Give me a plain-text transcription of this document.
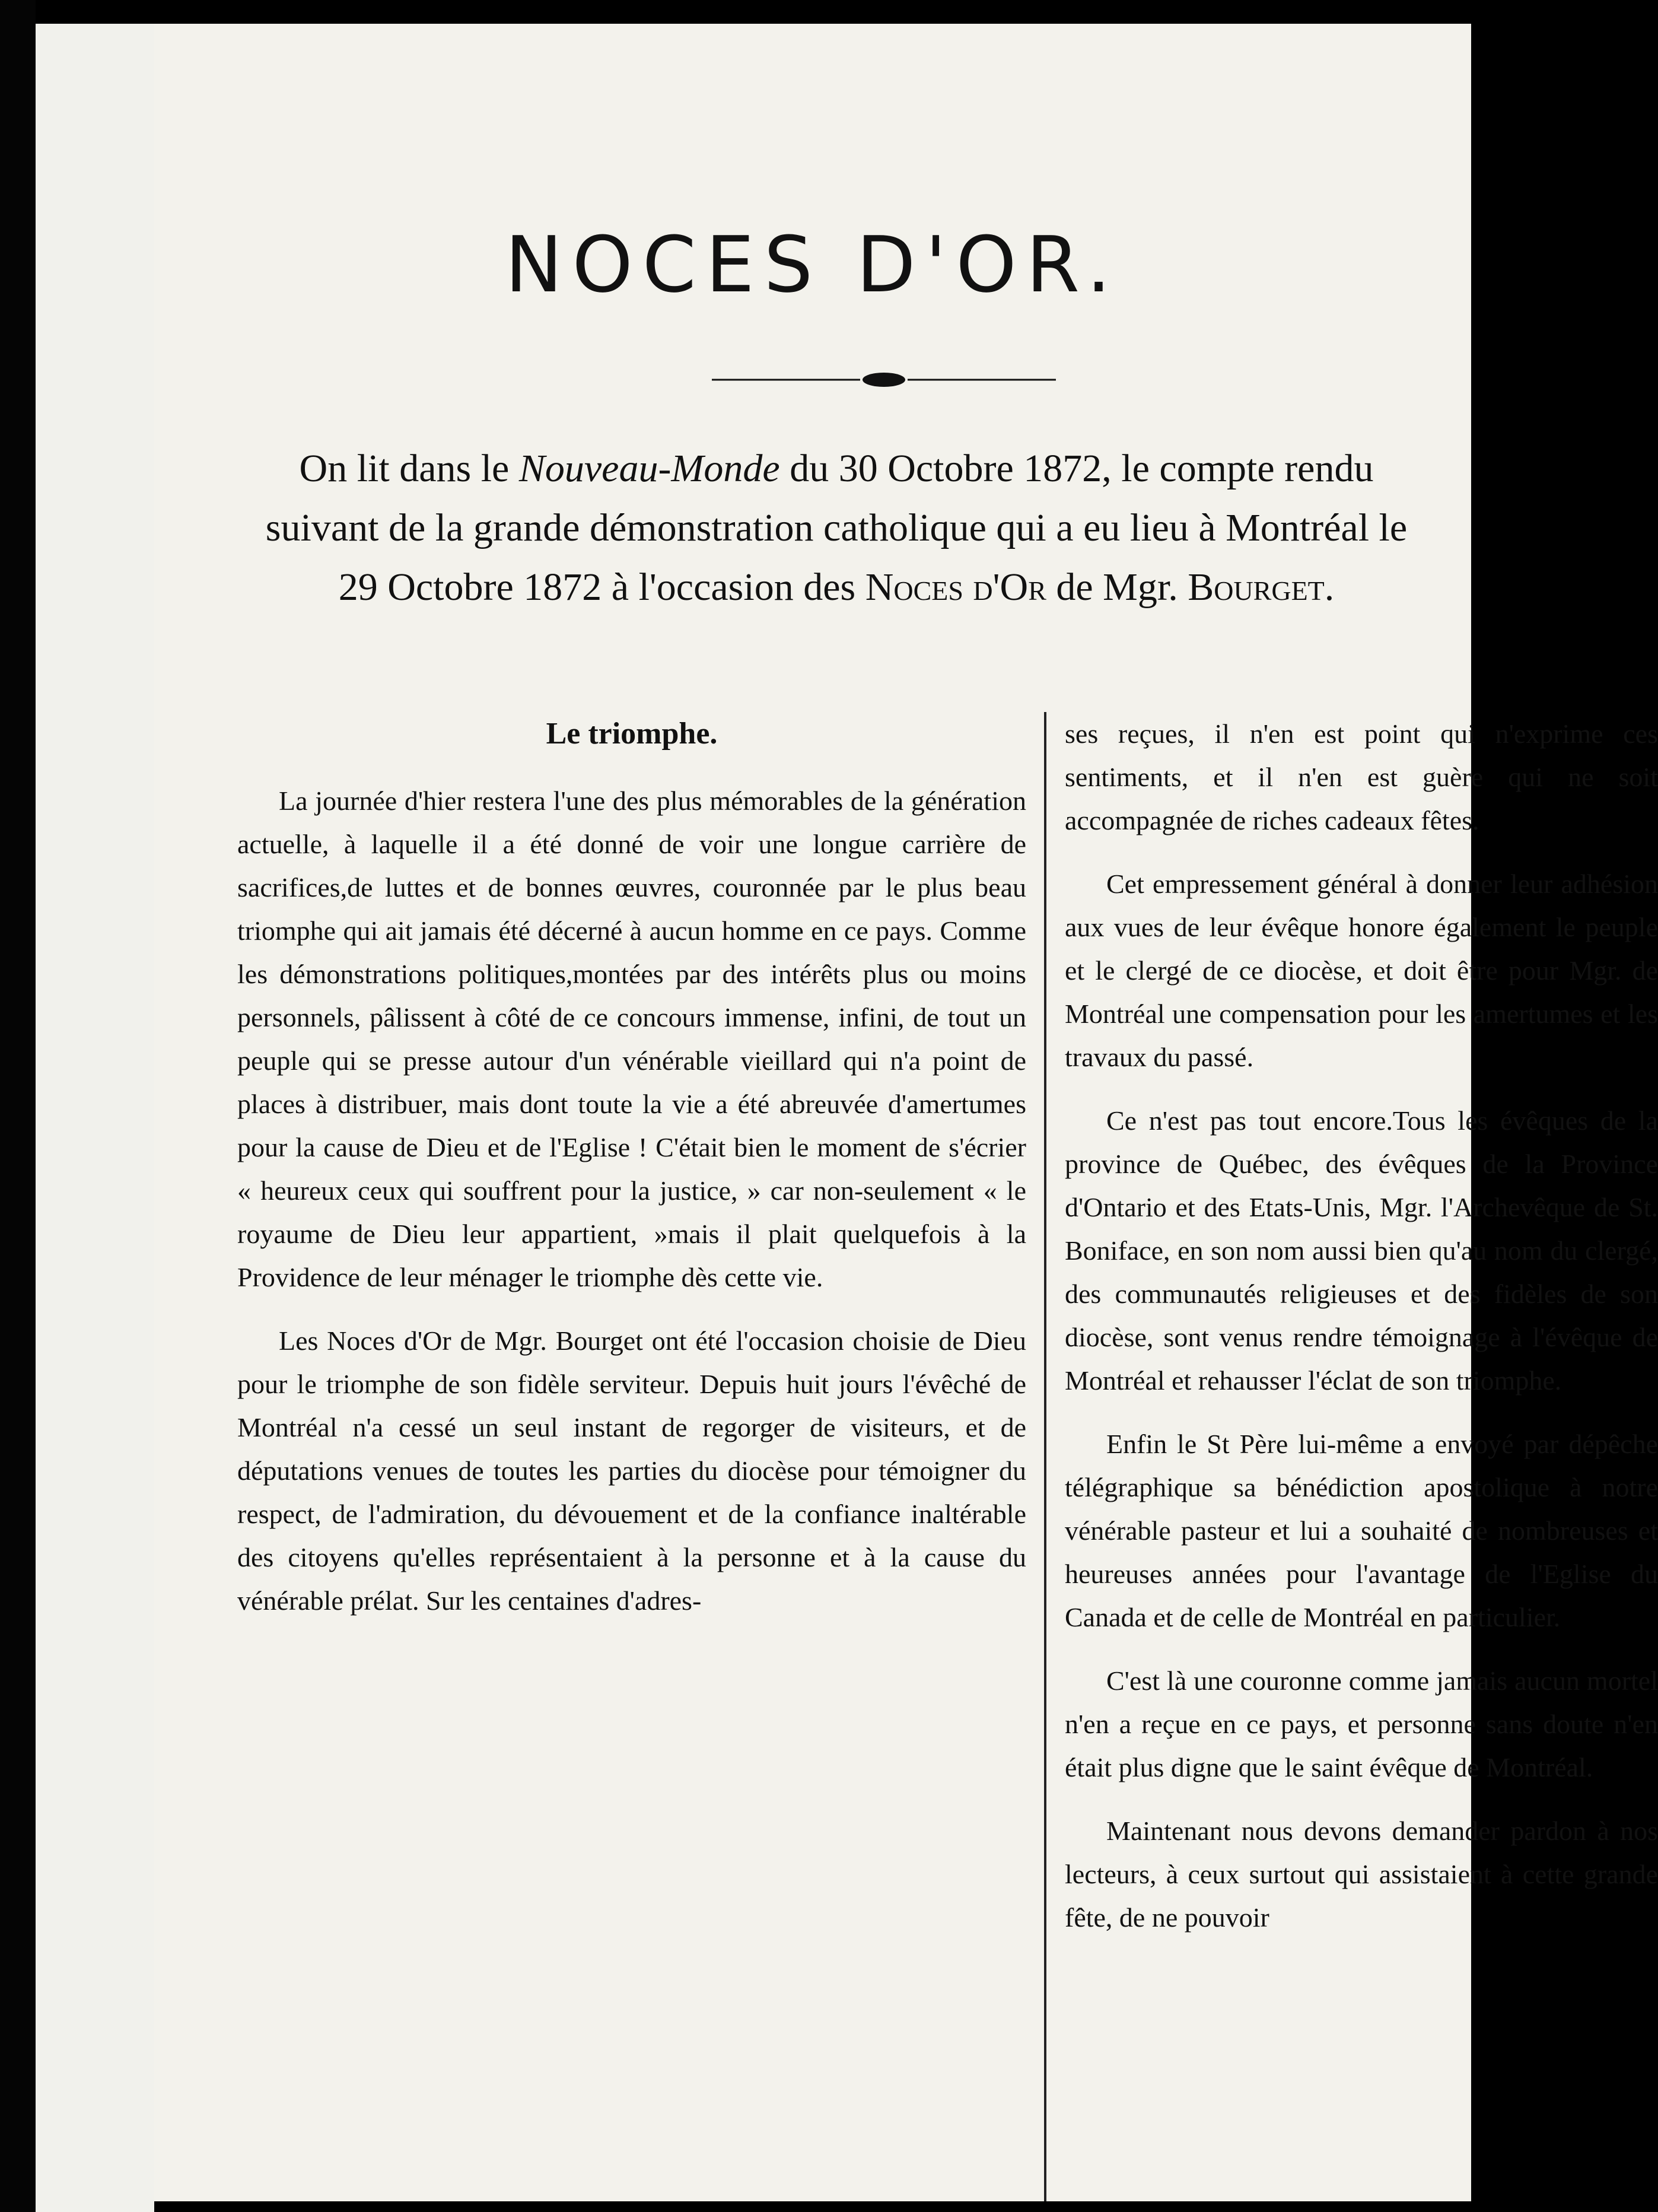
NOCES D'OR.
On lit dans le Nouveau-Monde du 30 Octobre 1872, le compte rendu suivant de la grande démonstration catholique qui a eu lieu à Montréal le 29 Octobre 1872 à l'occasion des Noces d'Or de Mgr. Bourget.
Le triomphe.

La journée d'hier restera l'une des plus mémorables de la génération actuelle, à laquelle il a été donné de voir une longue carrière de sacrifices,de luttes et de bonnes œuvres, couronnée par le plus beau triomphe qui ait jamais été décerné à aucun homme en ce pays. Comme les démonstrations politiques,montées par des intérêts plus ou moins personnels, pâlissent à côté de ce concours immense, infini, de tout un peuple qui se presse autour d'un vénérable vieillard qui n'a point de places à distribuer, mais dont toute la vie a été abreuvée d'amertumes pour la cause de Dieu et de l'Eglise ! C'était bien le moment de s'écrier « heureux ceux qui souffrent pour la justice, » car non-seulement « le royaume de Dieu leur appartient, »mais il plait quelquefois à la Providence de leur ménager le triomphe dès cette vie.

Les Noces d'Or de Mgr. Bourget ont été l'occasion choisie de Dieu pour le triomphe de son fidèle serviteur. Depuis huit jours l'évêché de Montréal n'a cessé un seul instant de regorger de visiteurs, et de députations venues de toutes les parties du diocèse pour témoigner du respect, de l'admiration, du dévouement et de la confiance inaltérable des citoyens qu'elles représentaient à la personne et à la cause du vénérable prélat. Sur les centaines d'adres-

ses reçues, il n'en est point qui n'exprime ces sentiments, et il n'en est guère qui ne soit accompagnée de riches cadeaux fêtes.

Cet empressement général à donner leur adhésion aux vues de leur évêque honore également le peuple et le clergé de ce diocèse, et doit être pour Mgr. de Montréal une compensation pour les amertumes et les travaux du passé.

Ce n'est pas tout encore.Tous les évêques de la province de Québec, des évêques de la Province d'Ontario et des Etats-Unis, Mgr. l'Archevêque de St. Boniface, en son nom aussi bien qu'au nom du clergé, des communautés religieuses et des fidèles de son diocèse, sont venus rendre témoignage à l'évêque de Montréal et rehausser l'éclat de son triomphe.

Enfin le St Père lui-même a envoyé par dépêche télégraphique sa bénédiction apostolique à notre vénérable pasteur et lui a souhaité de nombreuses et heureuses années pour l'avantage de l'Eglise du Canada et de celle de Montréal en particulier.

C'est là une couronne comme jamais aucun mortel n'en a reçue en ce pays, et personne sans doute n'en était plus digne que le saint évêque de Montréal.

Maintenant nous devons demander pardon à nos lecteurs, à ceux surtout qui assistaient à cette grande fête, de ne pouvoir
